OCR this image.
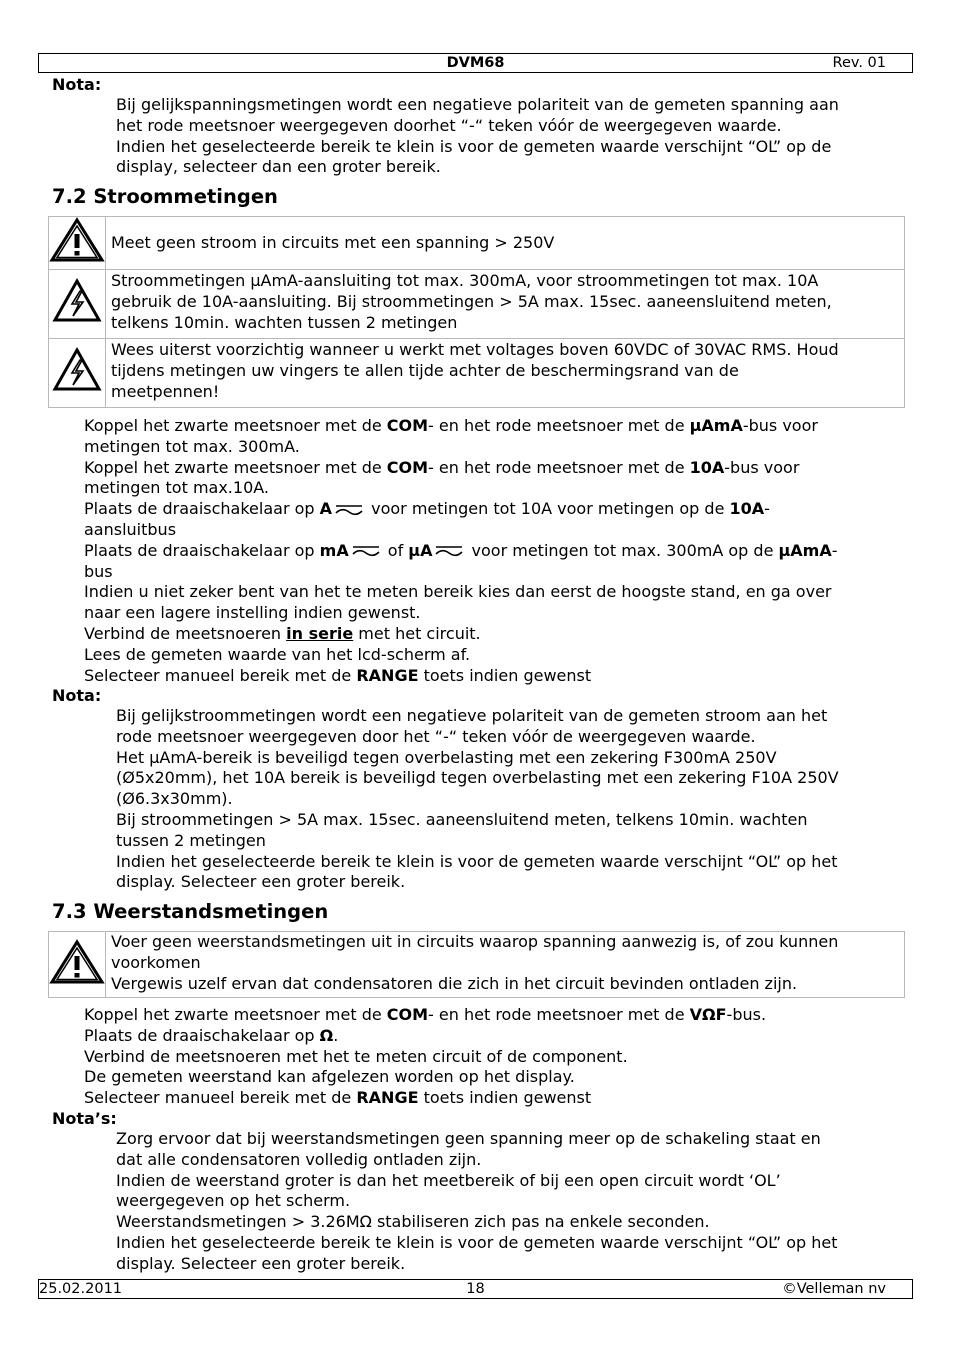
DVM68	Rev. 01
Nota:
Bij gelijkspanningsmetingen wordt een negatieve polariteit van de gemeten spanning aan
het rode meetsnoer weergegeven doorhet “-“ teken vóór de weergegeven waarde.
Indien het geselecteerde bereik te klein is voor de gemeten waarde verschijnt “OL” op de
display, selecteer dan een groter bereik.
7.2 Stroommetingen

Meet geen stroom in circuits met een spanning > 250V

Stroommetingen µAmA-aansluiting tot max. 300mA, voor stroommetingen tot max. 10A
gebruik de 10A-aansluiting. Bij stroommetingen > 5A max. 15sec. aaneensluitend meten,
telkens 10min. wachten tussen 2 metingen

Wees uiterst voorzichtig wanneer u werkt met voltages boven 60VDC of 30VAC RMS. Houd
tijdens metingen uw vingers te allen tijde achter de beschermingsrand van de
meetpennen!
Koppel het zwarte meetsnoer met de COM- en het rode meetsnoer met de µAmA-bus voor
metingen tot max. 300mA.
Koppel het zwarte meetsnoer met de COM- en het rode meetsnoer met de 10A-bus voor
metingen tot max.10A.
Plaats de draaischakelaar op A voor metingen tot 10A voor metingen op de 10A-
aansluitbus
Plaats de draaischakelaar op mA of µA voor metingen tot max. 300mA op de µAmA-
bus
Indien u niet zeker bent van het te meten bereik kies dan eerst de hoogste stand, en ga over
naar een lagere instelling indien gewenst.
Verbind de meetsnoeren in serie met het circuit.
Lees de gemeten waarde van het lcd-scherm af.
Selecteer manueel bereik met de RANGE toets indien gewenst
Nota:
Bij gelijkstroommetingen wordt een negatieve polariteit van de gemeten stroom aan het
rode meetsnoer weergegeven door het “-“ teken vóór de weergegeven waarde.
Het µAmA-bereik is beveiligd tegen overbelasting met een zekering F300mA 250V
(Ø5x20mm), het 10A bereik is beveiligd tegen overbelasting met een zekering F10A 250V
(Ø6.3x30mm).
Bij stroommetingen > 5A max. 15sec. aaneensluitend meten, telkens 10min. wachten
tussen 2 metingen
Indien het geselecteerde bereik te klein is voor de gemeten waarde verschijnt “OL” op het
display. Selecteer een groter bereik.
7.3 Weerstandsmetingen

Voer geen weerstandsmetingen uit in circuits waarop spanning aanwezig is, of zou kunnen
voorkomen
Vergewis uzelf ervan dat condensatoren die zich in het circuit bevinden ontladen zijn.
Koppel het zwarte meetsnoer met de COM- en het rode meetsnoer met de VΩF-bus.
Plaats de draaischakelaar op Ω.
Verbind de meetsnoeren met het te meten circuit of de component.
De gemeten weerstand kan afgelezen worden op het display.
Selecteer manueel bereik met de RANGE toets indien gewenst
Nota’s:
Zorg ervoor dat bij weerstandsmetingen geen spanning meer op de schakeling staat en
dat alle condensatoren volledig ontladen zijn.
Indien de weerstand groter is dan het meetbereik of bij een open circuit wordt ‘OL’
weergegeven op het scherm.
Weerstandsmetingen > 3.26MΩ stabiliseren zich pas na enkele seconden.
Indien het geselecteerde bereik te klein is voor de gemeten waarde verschijnt “OL” op het
display. Selecteer een groter bereik.
25.02.2011	18	©Velleman nv
